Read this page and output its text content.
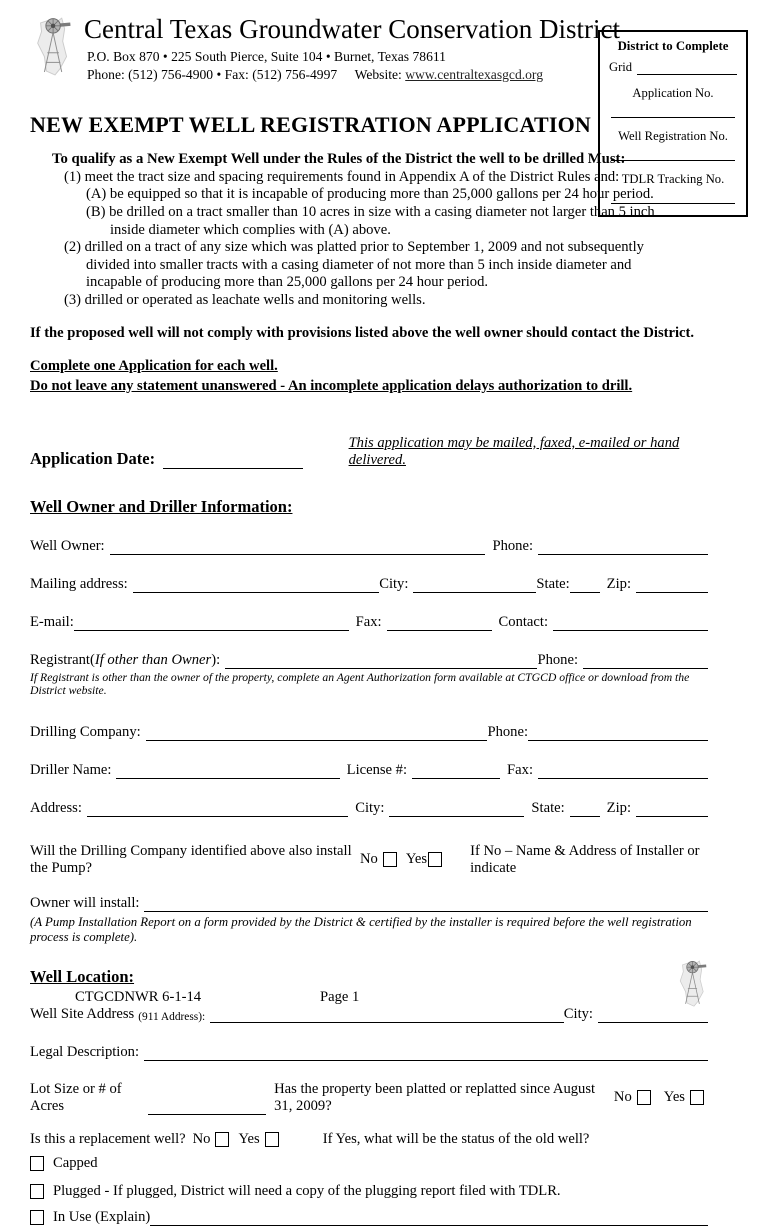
District to Complete
Grid
Application No.
Well Registration No.
TDLR Tracking No.
Central Texas Groundwater Conservation District
P.O. Box 870 • 225 South Pierce, Suite 104 • Burnet, Texas 78611
Phone: (512) 756-4900 • Fax: (512) 756-4997 Website: www.centraltexasgcd.org
NEW EXEMPT WELL REGISTRATION APPLICATION
To qualify as a New Exempt Well under the Rules of the District the well to be drilled Must:
(1) meet the tract size and spacing requirements found in Appendix A of the District Rules and:
(A) be equipped so that it is incapable of producing more than 25,000 gallons per 24 hour period.
(B) be drilled on a tract smaller than 10 acres in size with a casing diameter not larger than 5 inch
inside diameter which complies with (A) above.
(2) drilled on a tract of any size which was platted prior to September 1, 2009 and not subsequently
divided into smaller tracts with a casing diameter of not more than 5 inch inside diameter and
incapable of producing more than 25,000 gallons per 24 hour period.
(3) drilled or operated as leachate wells and monitoring wells.

If the proposed well will not comply with provisions listed above the well owner should contact the District.

Complete one Application for each well.

Do not leave any statement unanswered - An incomplete application delays authorization to drill.

Application Date:
This application may be mailed, faxed, e-mailed or hand delivered.
Well Owner and Driller Information:
Well Owner:	Phone:
Mailing address:	City:	State:	Zip:
E-mail:	Fax:	Contact:
Registrant( If other than Owner ):	Phone:
If Registrant is other than the owner of the property, complete an Agent Authorization form available at CTGCD office or download from the District website.
Drilling Company:	Phone:
Driller Name:	License #:	Fax:
Address:	City:	State:	Zip:
Will the Drilling Company identified above also install the Pump?
No Yes
If No – Name & Address of Installer or indicate
Owner will install:
(A Pump Installation Report on a form provided by the District & certified by the installer is required before the well registration process is complete).
Well Location:
Well Site Address (911 Address):	City:
Legal Description:
Lot Size or # of Acres
Has the property been platted or replatted since August 31, 2009?
No Yes
Is this a replacement well? No Yes	If Yes, what will be the status of the old well?
Capped
Plugged - If plugged, District will need a copy of the plugging report filed with TDLR.
In Use (Explain)
CTGCDNWR 6-1-14	Page 1
